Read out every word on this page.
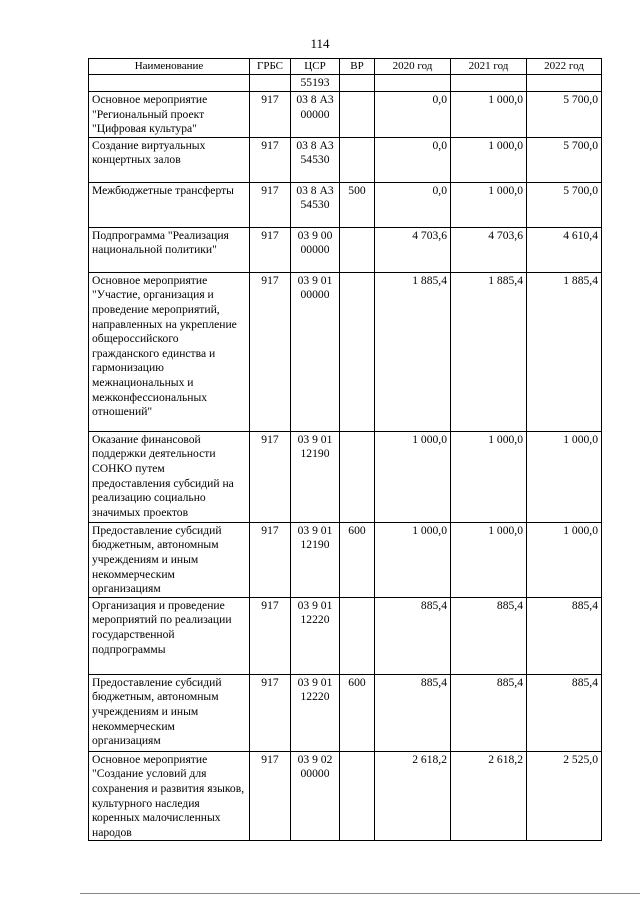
114
Наименование	ГРБС	ЦСР	ВР	2020 год	2021 год	2022 год
		55193				
Основное мероприятие "Региональный проект "Цифровая культура"	917	03 8 А3 00000		0,0	1 000,0	5 700,0
Создание виртуальных концертных залов	917	03 8 А3 54530		0,0	1 000,0	5 700,0
Межбюджетные трансферты	917	03 8 А3 54530	500	0,0	1 000,0	5 700,0
Подпрограмма "Реализация национальной политики"	917	03 9 00 00000		4 703,6	4 703,6	4 610,4
Основное мероприятие "Участие, организация и проведение мероприятий, направленных на укрепление общероссийского гражданского единства и гармонизацию межнациональных и межконфессиональных отношений"	917	03 9 01 00000		1 885,4	1 885,4	1 885,4
Оказание финансовой поддержки деятельности СОНКО путем предоставления субсидий на реализацию социально значимых проектов	917	03 9 01 12190		1 000,0	1 000,0	1 000,0
Предоставление субсидий бюджетным, автономным учреждениям и иным некоммерческим организациям	917	03 9 01 12190	600	1 000,0	1 000,0	1 000,0
Организация и проведение мероприятий по реализации государственной подпрограммы	917	03 9 01 12220		885,4	885,4	885,4
Предоставление субсидий бюджетным, автономным учреждениям и иным некоммерческим организациям	917	03 9 01 12220	600	885,4	885,4	885,4
Основное мероприятие "Создание условий для сохранения и развития языков, культурного наследия коренных малочисленных народов	917	03 9 02 00000		2 618,2	2 618,2	2 525,0
